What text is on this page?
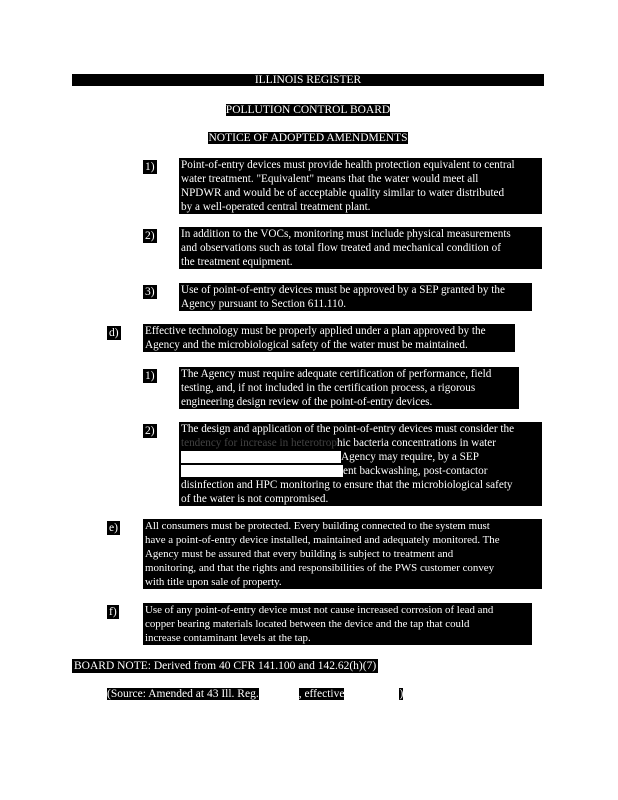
ILLINOIS REGISTER
POLLUTION CONTROL BOARD
NOTICE OF ADOPTED AMENDMENTS
1) Point-of-entry devices must provide health protection equivalent to central
water treatment. "Equivalent" means that the water would meet all
NPDWR and would be of acceptable quality similar to water distributed
by a well-operated central treatment plant.
2) In addition to the VOCs, monitoring must include physical measurements
and observations such as total flow treated and mechanical condition of
the treatment equipment.
3) Use of point-of-entry devices must be approved by a SEP granted by the
Agency pursuant to Section 611.110.
d) Effective technology must be properly applied under a plan approved by the
Agency and the microbiological safety of the water must be maintained.
1) The Agency must require adequate certification of performance, field
testing, and, if not included in the certification process, a rigorous
engineering design review of the point-of-entry devices.
2) The design and application of the point-of-entry devices must consider the
tendency for increase in heterotrophic bacteria concentrations in water
Agency may require, by a SEP
ent backwashing, post-contactor
disinfection and HPC monitoring to ensure that the microbiological safety
of the water is not compromised.
e) All consumers must be protected. Every building connected to the system must
have a point-of-entry device installed, maintained and adequately monitored. The
Agency must be assured that every building is subject to treatment and
monitoring, and that the rights and responsibilities of the PWS customer convey
with title upon sale of property.
f)	Use of any point-of-entry device must not cause increased corrosion of lead and
copper bearing materials located between the device and the tap that could
increase contaminant levels at the tap.
BOARD NOTE: Derived from 40 CFR 141.100 and 142.62(h)(7) (2002).
(Source: Amended at 43 Ill. Reg.	, effective	)
